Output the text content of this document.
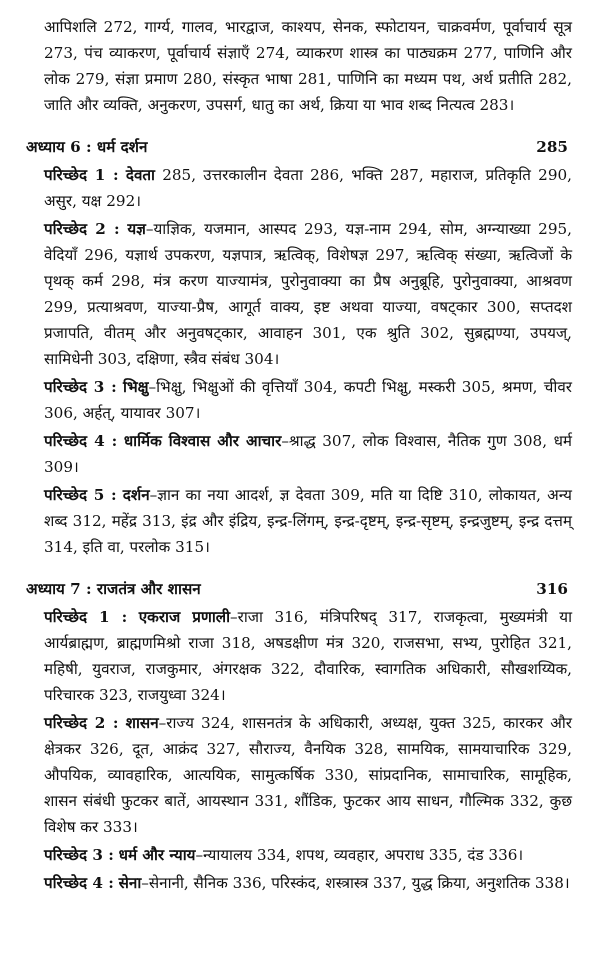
आपिशलि 272, गार्ग्य, गालव, भारद्वाज, काश्यप, सेनक, स्फोटायन, चाक्रवर्मण, पूर्वाचार्य सूत्र 273, पंच व्याकरण, पूर्वाचार्य संज्ञाएँ 274, व्याकरण शास्त्र का पाठ्यक्रम 277, पाणिनि और लोक 279, संज्ञा प्रमाण 280, संस्कृत भाषा 281, पाणिनि का मध्यम पथ, अर्थ प्रतीति 282, जाति और व्यक्ति, अनुकरण, उपसर्ग, धातु का अर्थ, क्रिया या भाव शब्द नित्यत्व 283।

अध्याय 6 : धर्म दर्शन	285

परिच्छेद 1 : देवता 285, उत्तरकालीन देवता 286, भक्ति 287, महाराज, प्रतिकृति 290, असुर, यक्ष 292।

परिच्छेद 2 : यज्ञ–याज्ञिक, यजमान, आस्पद 293, यज्ञ-नाम 294, सोम, अग्न्याख्या 295, वेदियाँ 296, यज्ञार्थ उपकरण, यज्ञपात्र, ऋत्विक्, विशेषज्ञ 297, ऋत्विक् संख्या, ऋत्विजों के पृथक् कर्म 298, मंत्र करण याज्यामंत्र, पुरोनुवाक्या का प्रैष अनुब्रूहि, पुरोनुवाक्या, आश्रवण 299, प्रत्याश्रवण, याज्या-प्रैष, आगूर्त वाक्य, इष्ट अथवा याज्या, वषट्कार 300, सप्तदश प्रजापति, वीतम् और अनुवषट्कार, आवाहन 301, एक श्रुति 302, सुब्रह्मण्या, उपयज्, सामिधेनी 303, दक्षिणा, स्त्रैव संबंध 304।

परिच्छेद 3 : भिक्षु–भिक्षु, भिक्षुओं की वृत्तियाँ 304, कपटी भिक्षु, मस्करी 305, श्रमण, चीवर 306, अर्हत्, यायावर 307।

परिच्छेद 4 : धार्मिक विश्वास और आचार–श्राद्ध 307, लोक विश्वास, नैतिक गुण 308, धर्म 309।

परिच्छेद 5 : दर्शन–ज्ञान का नया आदर्श, ज्ञ देवता 309, मति या दिष्टि 310, लोकायत, अन्य शब्द 312, महेंद्र 313, इंद्र और इंद्रिय, इन्द्र-लिंगम्, इन्द्र-दृष्टम्, इन्द्र-सृष्टम्, इन्द्रजुष्टम्, इन्द्र दत्तम् 314, इति वा, परलोक 315।

अध्याय 7 : राजतंत्र और शासन	316

परिच्छेद 1 : एकराज प्रणाली–राजा 316, मंत्रिपरिषद् 317, राजकृत्वा, मुख्यमंत्री या आर्यब्राह्मण, ब्राह्मणमिश्रो राजा 318, अषडक्षीण मंत्र 320, राजसभा, सभ्य, पुरोहित 321, महिषी, युवराज, राजकुमार, अंगरक्षक 322, दौवारिक, स्वागतिक अधिकारी, सौखशय्यिक, परिचारक 323, राजयुध्वा 324।

परिच्छेद 2 : शासन–राज्य 324, शासनतंत्र के अधिकारी, अध्यक्ष, युक्त 325, कारकर और क्षेत्रकर 326, दूत, आक्रंद 327, सौराज्य, वैनयिक 328, सामयिक, सामयाचारिक 329, औपयिक, व्यावहारिक, आत्ययिक, सामुत्कर्षिक 330, सांप्रदानिक, सामाचारिक, सामूहिक, शासन संबंधी फुटकर बातें, आयस्थान 331, शौंडिक, फुटकर आय साधन, गौल्मिक 332, कुछ विशेष कर 333।

परिच्छेद 3 : धर्म और न्याय–न्यायालय 334, शपथ, व्यवहार, अपराध 335, दंड 336।

परिच्छेद 4 : सेना–सेनानी, सैनिक 336, परिस्कंद, शस्त्रास्त्र 337, युद्ध क्रिया, अनुशतिक 338।
